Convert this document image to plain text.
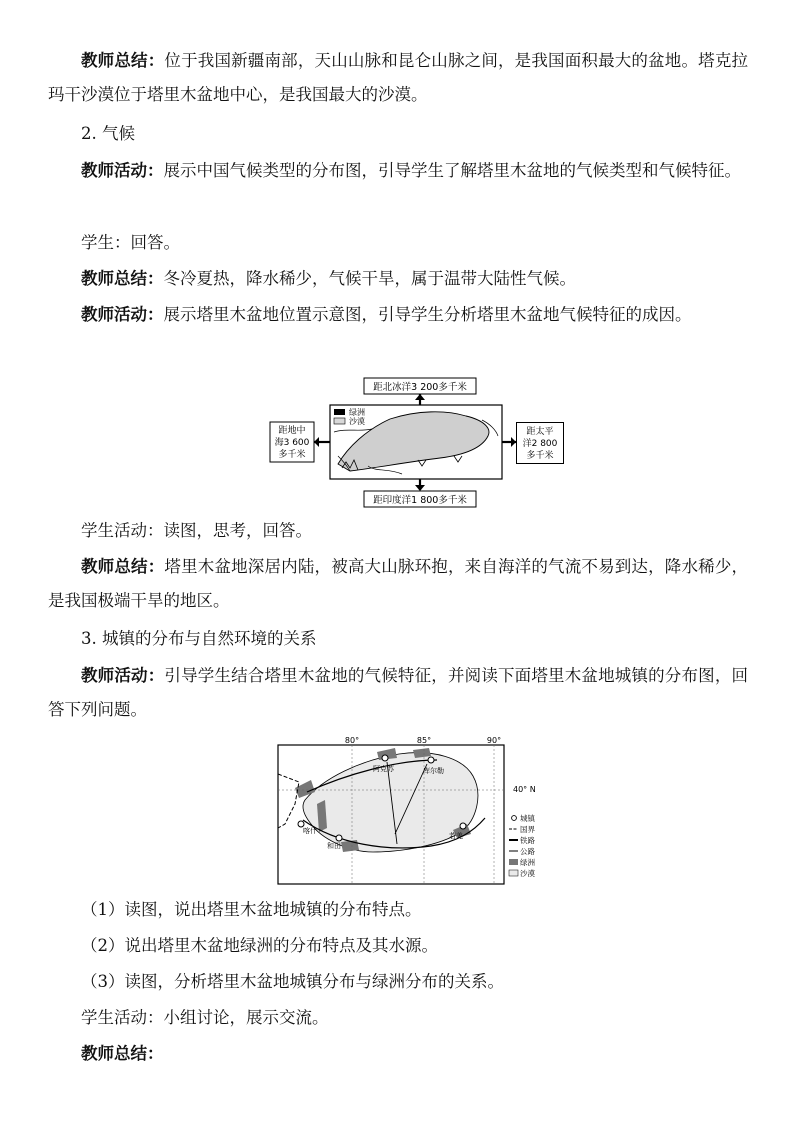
教师总结：位于我国新疆南部，天山山脉和昆仑山脉之间，是我国面积最大的盆地。塔克拉玛干沙漠位于塔里木盆地中心，是我国最大的沙漠。

2. 气候

教师活动：展示中国气候类型的分布图，引导学生了解塔里木盆地的气候类型和气候特征。

学生：回答。

教师总结：冬冷夏热，降水稀少，气候干旱，属于温带大陆性气候。

教师活动：展示塔里木盆地位置示意图，引导学生分析塔里木盆地气候特征的成因。

距北冰洋3 200多千米
绿洲
沙漠
距地中
海3 600
多千米
距印度洋1 800多千米
距太平
洋2 800
多千米

学生活动：读图，思考，回答。

教师总结：塔里木盆地深居内陆，被高大山脉环抱，来自海洋的气流不易到达，降水稀少，是我国极端干旱的地区。

3. 城镇的分布与自然环境的关系

教师活动：引导学生结合塔里木盆地的气候特征，并阅读下面塔里木盆地城镇的分布图，回答下列问题。

80°	85°	90°
40° N
阿克苏	库尔勒
喀什
和田
若羌
城镇
国界
铁路
公路
绿洲
沙漠

（1）读图，说出塔里木盆地城镇的分布特点。

（2）说出塔里木盆地绿洲的分布特点及其水源。

（3）读图，分析塔里木盆地城镇分布与绿洲分布的关系。

学生活动：小组讨论，展示交流。

教师总结：
